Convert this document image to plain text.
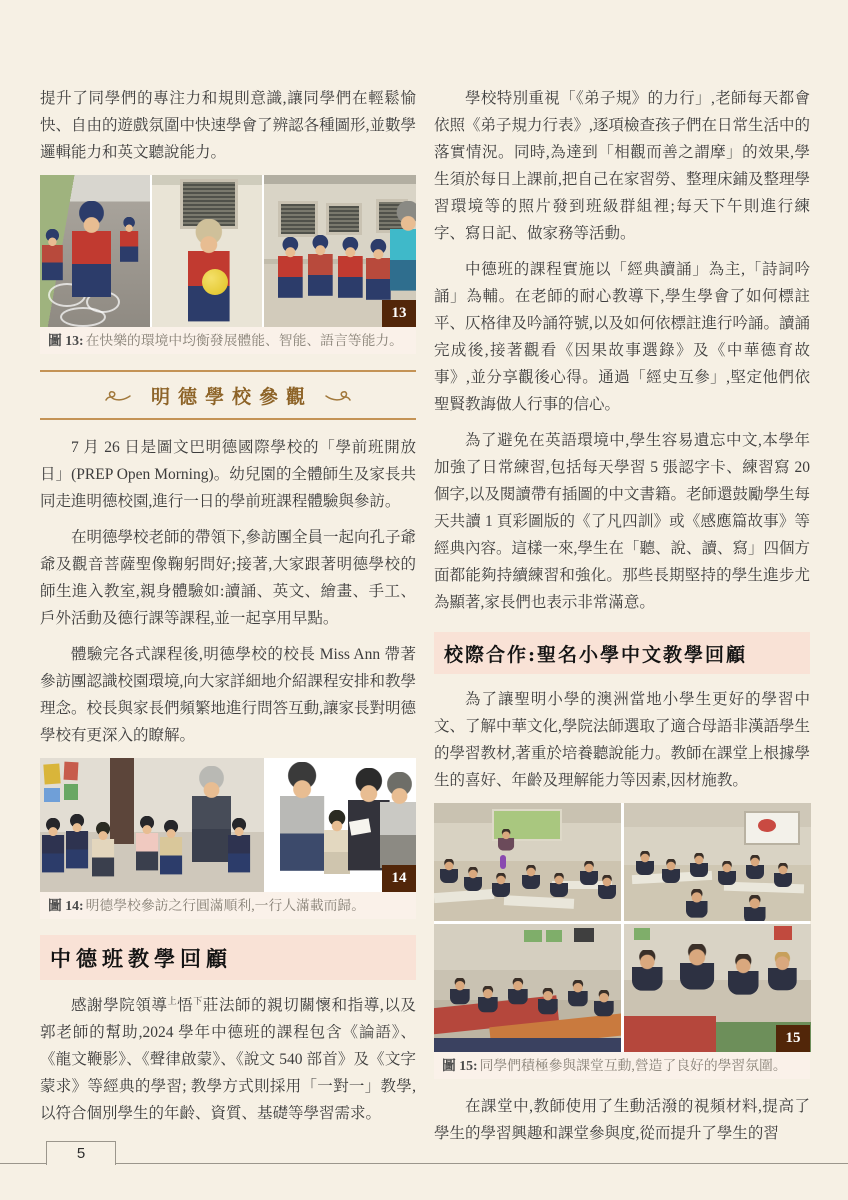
提升了同學們的專注力和規則意識,讓同學們在輕鬆愉快、自由的遊戲氛圍中快速學會了辨認各種圖形,並數學邏輯能力和英文聽說能力。

13
圖 13: 在快樂的環境中均衡發展體能、智能、語言等能力。
明德學校參觀

7 月 26 日是圖文巴明德國際學校的「學前班開放日」(PREP Open Morning)。幼兒園的全體師生及家長共同走進明德校園,進行一日的學前班課程體驗與參訪。

在明德學校老師的帶領下,參訪團全員一起向孔子爺爺及觀音菩薩聖像鞠躬問好;接著,大家跟著明德學校的師生進入教室,親身體驗如:讀誦、英文、繪畫、手工、戶外活動及德行課等課程,並一起享用早點。

體驗完各式課程後,明德學校的校長 Miss Ann 帶著參訪團認識校園環境,向大家詳細地介紹課程安排和教學理念。校長與家長們頻繁地進行問答互動,讓家長對明德學校有更深入的瞭解。

14
圖 14: 明德學校參訪之行圓滿順利,一行人滿載而歸。
中德班教學回顧

感謝學院領導$^上$悟$^下$莊法師的親切關懷和指導,以及郭老師的幫助,2024 學年中德班的課程包含《論語》、《龍文鞭影》、《聲律啟蒙》、《說文 540 部首》及《文字蒙求》等經典的學習; 教學方式則採用「一對一」教學,以符合個別學生的年齡、資質、基礎等學習需求。

學校特別重視「《弟子規》的力行」,老師每天都會依照《弟子規力行表》,逐項檢查孩子們在日常生活中的落實情況。同時,為達到「相觀而善之謂摩」的效果,學生須於每日上課前,把自己在家習勞、整理床鋪及整理學習環境等的照片發到班級群組裡;每天下午則進行練字、寫日記、做家務等活動。

中德班的課程實施以「經典讀誦」為主,「詩詞吟誦」為輔。在老師的耐心教導下,學生學會了如何標註平、仄格律及吟誦符號,以及如何依標註進行吟誦。讀誦完成後,接著觀看《因果故事選錄》及《中華德育故事》,並分享觀後心得。通過「經史互參」,堅定他們依聖賢教誨做人行事的信心。

為了避免在英語環境中,學生容易遺忘中文,本學年加強了日常練習,包括每天學習 5 張認字卡、練習寫 20 個字,以及閱讀帶有插圖的中文書籍。老師還鼓勵學生每天共讀 1 頁彩圖版的《了凡四訓》或《感應篇故事》等經典內容。這樣一來,學生在「聽、說、讀、寫」四個方面都能夠持續練習和強化。那些長期堅持的學生進步尤為顯著,家長們也表示非常滿意。

校際合作:聖名小學中文教學回顧

為了讓聖明小學的澳洲當地小學生更好的學習中文、了解中華文化,學院法師選取了適合母語非漢語學生的學習教材,著重於培養聽說能力。教師在課堂上根據學生的喜好、年齡及理解能力等因素,因材施教。

15
圖 15: 同學們積極參與課堂互動,營造了良好的學習氛圍。

在課堂中,教師使用了生動活潑的視頻材料,提高了學生的學習興趣和課堂參與度,從而提升了學生的習

5
